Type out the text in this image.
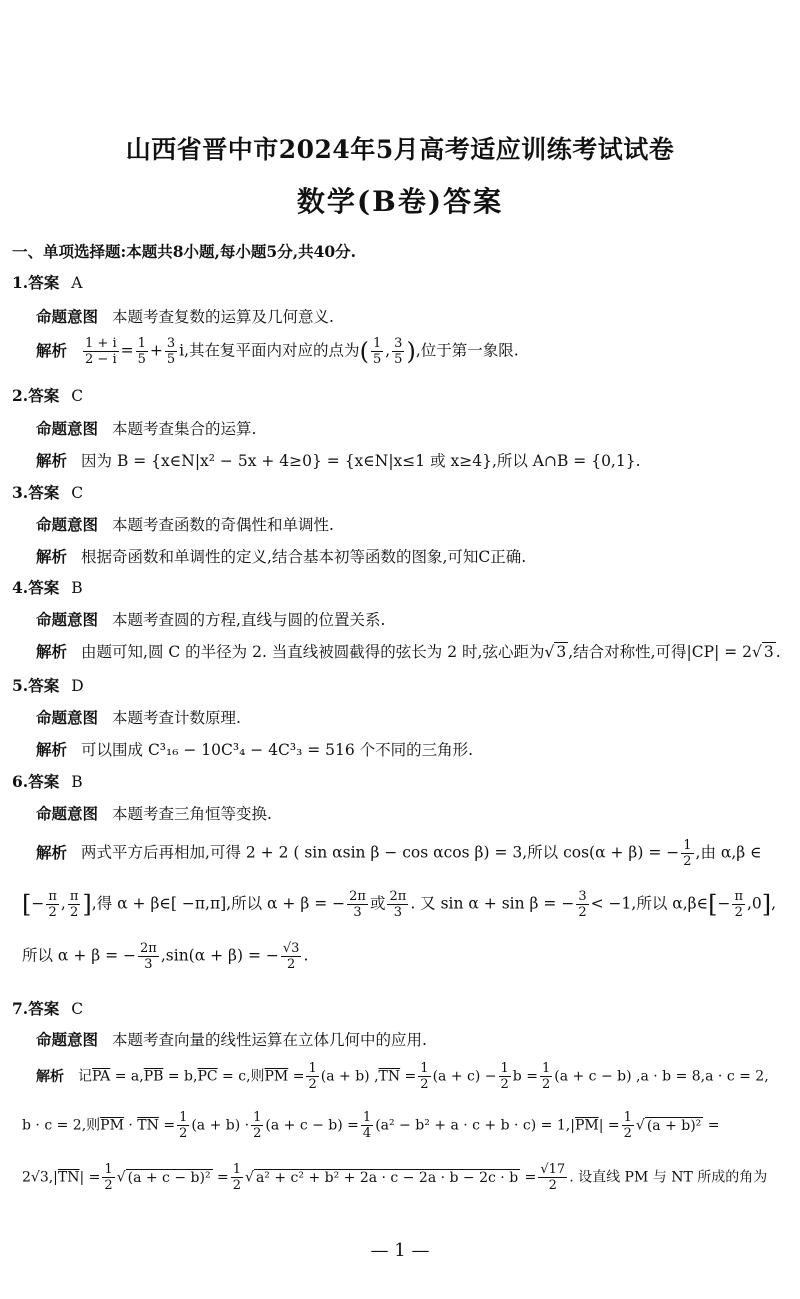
山西省晋中市2024年5月高考适应训练考试试卷
数学(B卷)答案
一、单项选择题:本题共8小题,每小题5分,共40分.
1.答案 A
命题意图 本题考查复数的运算及几何意义.
解析 $\frac{1 + i}{2 - i} = \frac{1}{5} + \frac{3}{5} i$,其在复平面内对应的点为( $\frac{1}{5}$ , $\frac{3}{5}$ ),位于第一象限.
2.答案 C
命题意图 本题考查集合的运算.
解析 因为 B = {x∈N|x² − 5x + 4≥0} = {x∈N|x≤1 或 x≥4},所以 A∩B = {0,1}.
3.答案 C
命题意图 本题考查函数的奇偶性和单调性.
解析 根据奇函数和单调性的定义,结合基本初等函数的图象,可知C正确.
4.答案 B
命题意图 本题考查圆的方程,直线与圆的位置关系.
解析 由题可知,圆 C 的半径为 2. 当直线被圆截得的弦长为 2 时,弦心距为√ 3 ,结合对称性,可得|CP| = 2√ 3 .
5.答案 D
命题意图 本题考查计数原理.
解析 可以围成 C³₁₆ − 10C³₄ − 4C³₃ = 516 个不同的三角形.
6.答案 B
命题意图 本题考查三角恒等变换.
解析 两式平方后再相加,可得 2 + 2 ( sin αsin β − cos αcos β) = 3,所以 cos(α + β) = − $\frac{1}{2}$ ,由 α,β ∈
[− $\frac{\pi}{2}$ , $\frac{\pi}{2}$ ],得 α + β∈[ −π,π],所以 α + β = − $\frac{2\pi}{3}$ 或 $\frac{2\pi}{3}$ . 又 sin α + sin β = − $\frac{3}{2} < -1$,所以 α,β∈[− $\frac{\pi}{2} ,0$],
所以 α + β = − $\frac{2\pi}{3} ,\sin(\alpha + \beta)$ = − $\frac{√3}{2}$ .
7.答案 C
命题意图 本题考查向量的线性运算在立体几何中的应用.
解析 记$\overline{PA} = a,\overline{PB} = b,\overline{PC} = c$,则$\overline{PM} = \frac{1}{2} (a + b) ,\overline{TN} = \frac{1}{2} (a + c) - \frac{1}{2}$ $b = \frac{1}{2} (a + c - b) ,a \cdot b = 8,a \cdot c = 2$,
b · c = 2,则$\overline{PM} \cdot \overline{TN} = \frac{1}{2} (a + b) \cdot \frac{1}{2} (a + c - b) = \frac{1}{4} (a^2 - b^2 + a \cdot c + b \cdot c) = 1,|\overline{PM}| = \frac{1}{2}$ √ (a + b)² =
$2√3,|\overline{TN}| = \frac{1}{2}$ √ $(a + c - b)^2 = \frac{1}{2}$ √ $a^2 + c^2 + b^2 + 2a \cdot c - 2a \cdot b - 2c \cdot b = \frac{√17}{2}$ . 设直线 PM 与 NT 所成的角为
— 1 —
